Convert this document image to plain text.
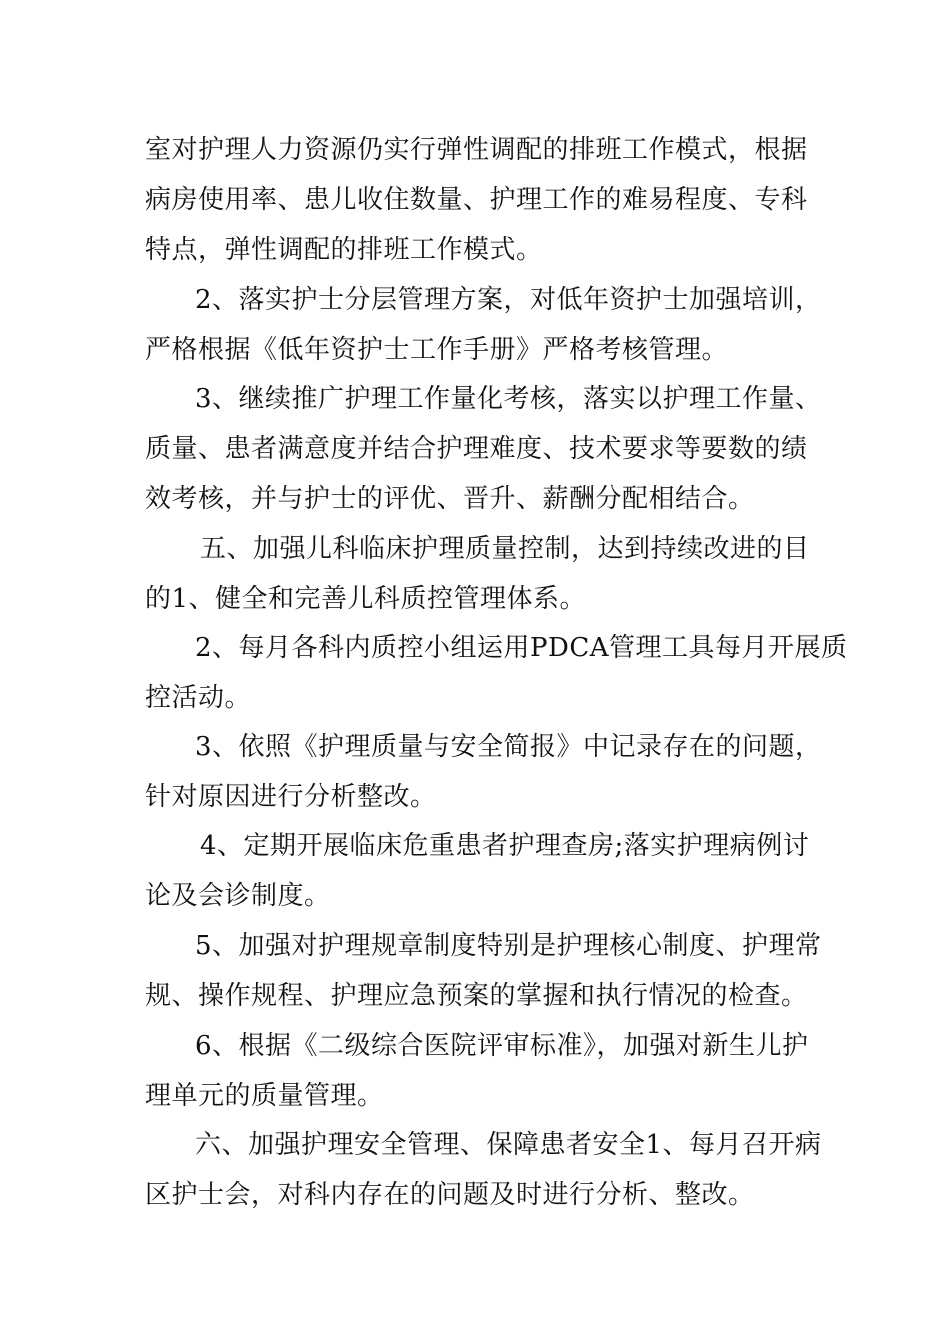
室对护理人力资源仍实行弹性调配的排班工作模式，根据
病房使用率、患儿收住数量、护理工作的难易程度、专科
特点，弹性调配的排班工作模式。

2、落实护士分层管理方案，对低年资护士加强培训，
严格根据《低年资护士工作手册》严格考核管理。

3、继续推广护理工作量化考核，落实以护理工作量、
质量、患者满意度并结合护理难度、技术要求等要数的绩
效考核，并与护士的评优、晋升、薪酬分配相结合。

五、加强儿科临床护理质量控制，达到持续改进的目
的1、健全和完善儿科质控管理体系。

2、每月各科内质控小组运用PDCA管理工具每月开展质
控活动。

3、依照《护理质量与安全简报》中记录存在的问题，
针对原因进行分析整改。

4、定期开展临床危重患者护理查房;落实护理病例讨
论及会诊制度。

5、加强对护理规章制度特别是护理核心制度、护理常
规、操作规程、护理应急预案的掌握和执行情况的检查。

6、根据《二级综合医院评审标准》，加强对新生儿护
理单元的质量管理。

六、加强护理安全管理、保障患者安全1、每月召开病
区护士会，对科内存在的问题及时进行分析、整改。
